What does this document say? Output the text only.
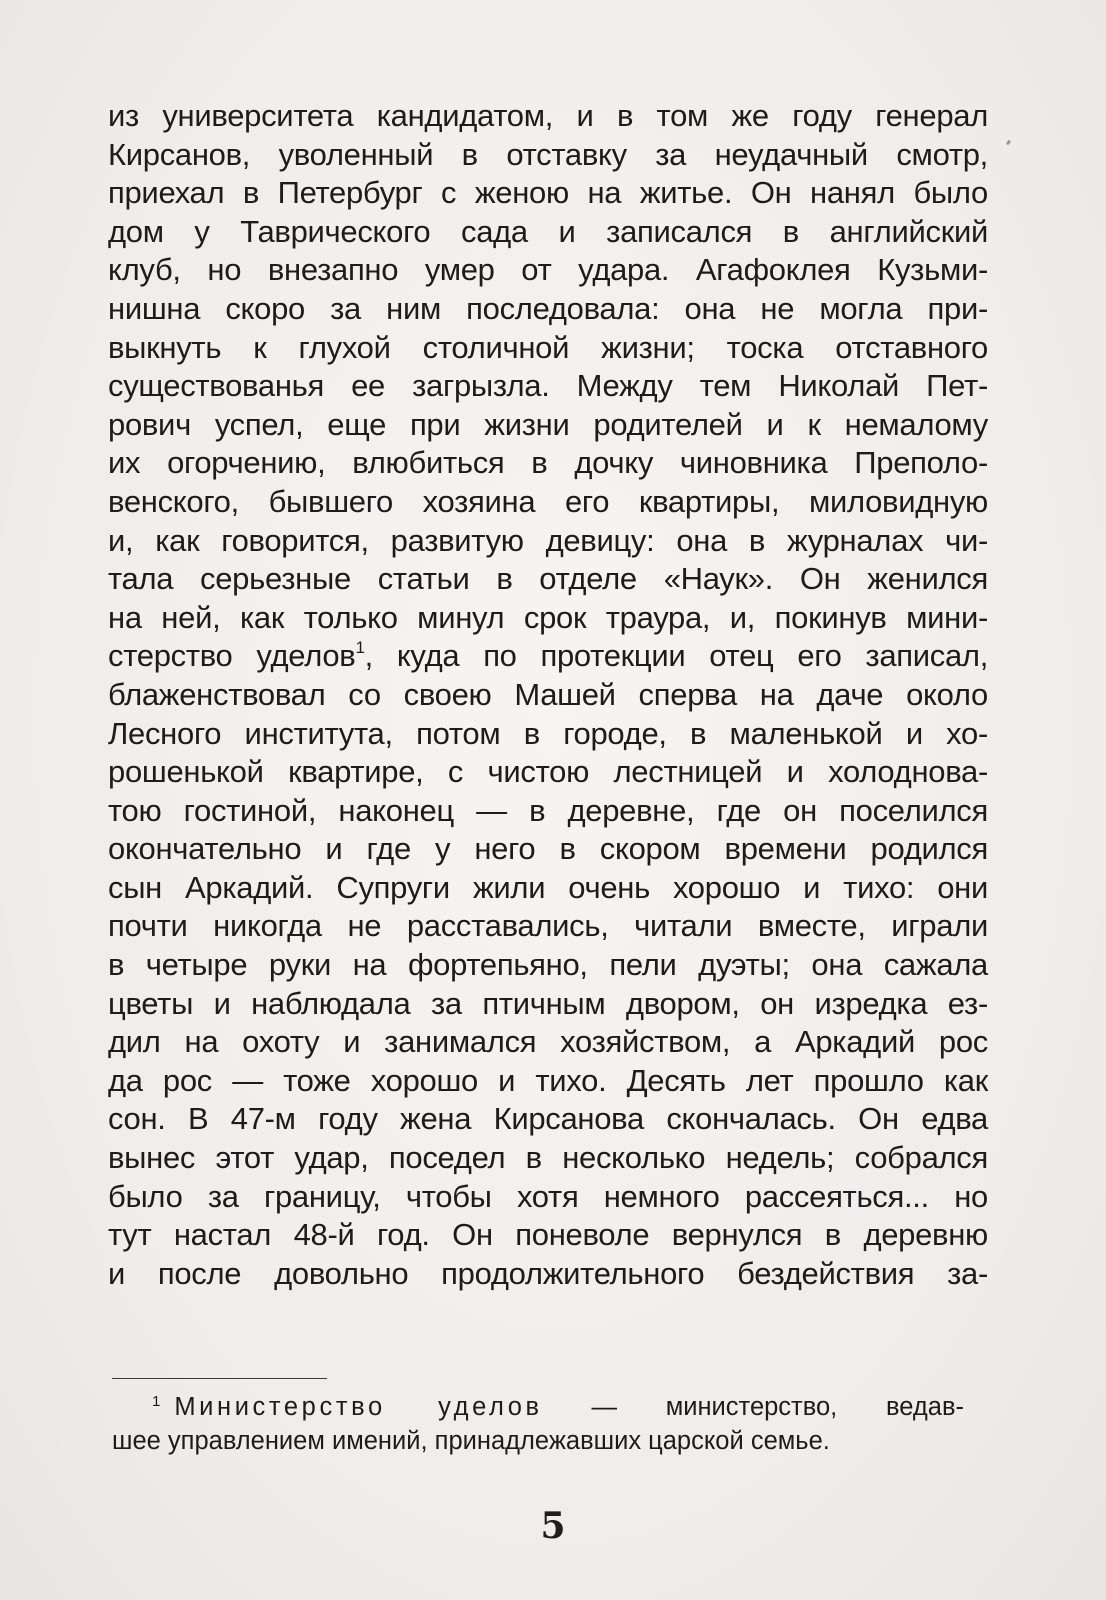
из университета кандидатом, и в том же году генерал
Кирсанов, уволенный в отставку за неудачный смотр,
приехал в Петербург с женою на житье. Он нанял было
дом у Таврического сада и записался в английский
клуб, но внезапно умер от удара. Агафоклея Кузьми-
нишна скоро за ним последовала: она не могла при-
выкнуть к глухой столичной жизни; тоска отставного
существованья ее загрызла. Между тем Николай Пет-
рович успел, еще при жизни родителей и к немалому
их огорчению, влюбиться в дочку чиновника Преполо-
венского, бывшего хозяина его квартиры, миловидную
и, как говорится, развитую девицу: она в журналах чи-
тала серьезные статьи в отделе «Наук». Он женился
на ней, как только минул срок траура, и, покинув мини-
стерство уделов$^1$, куда по протекции отец его записал,
блаженствовал со своею Машей сперва на даче около
Лесного института, потом в городе, в маленькой и хо-
рошенькой квартире, с чистою лестницей и холоднова-
тою гостиной, наконец — в деревне, где он поселился
окончательно и где у него в скором времени родился
сын Аркадий. Супруги жили очень хорошо и тихо: они
почти никогда не расставались, читали вместе, играли
в четыре руки на фортепьяно, пели дуэты; она сажала
цветы и наблюдала за птичным двором, он изредка ез-
дил на охоту и занимался хозяйством, а Аркадий рос
да рос — тоже хорошо и тихо. Десять лет прошло как
сон. В 47-м году жена Кирсанова скончалась. Он едва
вынес этот удар, поседел в несколько недель; собрался
было за границу, чтобы хотя немного рассеяться... но
тут настал 48-й год. Он поневоле вернулся в деревню
и после довольно продолжительного бездействия за-
$^1$ Министерство уделов — министерство, ведав-
шее управлением имений, принадлежавших царской семье.
5
